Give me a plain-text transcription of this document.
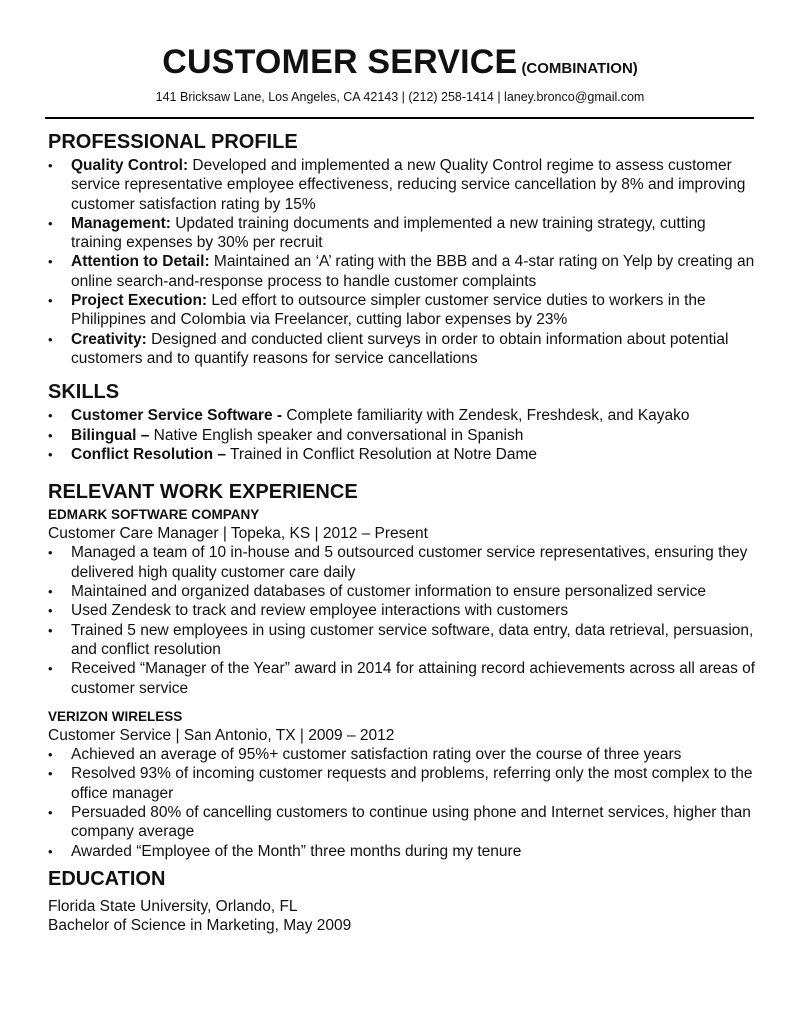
CUSTOMER SERVICE (COMBINATION)
141 Bricksaw Lane, Los Angeles, CA 42143 | (212) 258-1414 | laney.bronco@gmail.com
PROFESSIONAL PROFILE
• Quality Control: Developed and implemented a new Quality Control regime to assess customer service representative employee effectiveness, reducing service cancellation by 8% and improving customer satisfaction rating by 15%
• Management: Updated training documents and implemented a new training strategy, cutting training expenses by 30% per recruit
• Attention to Detail: Maintained an ‘A’ rating with the BBB and a 4-star rating on Yelp by creating an online search-and-response process to handle customer complaints
• Project Execution: Led effort to outsource simpler customer service duties to workers in the Philippines and Colombia via Freelancer, cutting labor expenses by 23%
• Creativity: Designed and conducted client surveys in order to obtain information about potential customers and to quantify reasons for service cancellations
SKILLS
• Customer Service Software - Complete familiarity with Zendesk, Freshdesk, and Kayako
• Bilingual – Native English speaker and conversational in Spanish
• Conflict Resolution – Trained in Conflict Resolution at Notre Dame
RELEVANT WORK EXPERIENCE
EDMARK SOFTWARE COMPANY
Customer Care Manager | Topeka, KS | 2012 – Present
• Managed a team of 10 in-house and 5 outsourced customer service representatives, ensuring they delivered high quality customer care daily
• Maintained and organized databases of customer information to ensure personalized service
• Used Zendesk to track and review employee interactions with customers
• Trained 5 new employees in using customer service software, data entry, data retrieval, persuasion, and conflict resolution
• Received “Manager of the Year” award in 2014 for attaining record achievements across all areas of customer service
VERIZON WIRELESS
Customer Service | San Antonio, TX | 2009 – 2012
• Achieved an average of 95%+ customer satisfaction rating over the course of three years
• Resolved 93% of incoming customer requests and problems, referring only the most complex to the office manager
• Persuaded 80% of cancelling customers to continue using phone and Internet services, higher than company average
• Awarded “Employee of the Month” three months during my tenure
EDUCATION
Florida State University, Orlando, FL
Bachelor of Science in Marketing, May 2009
